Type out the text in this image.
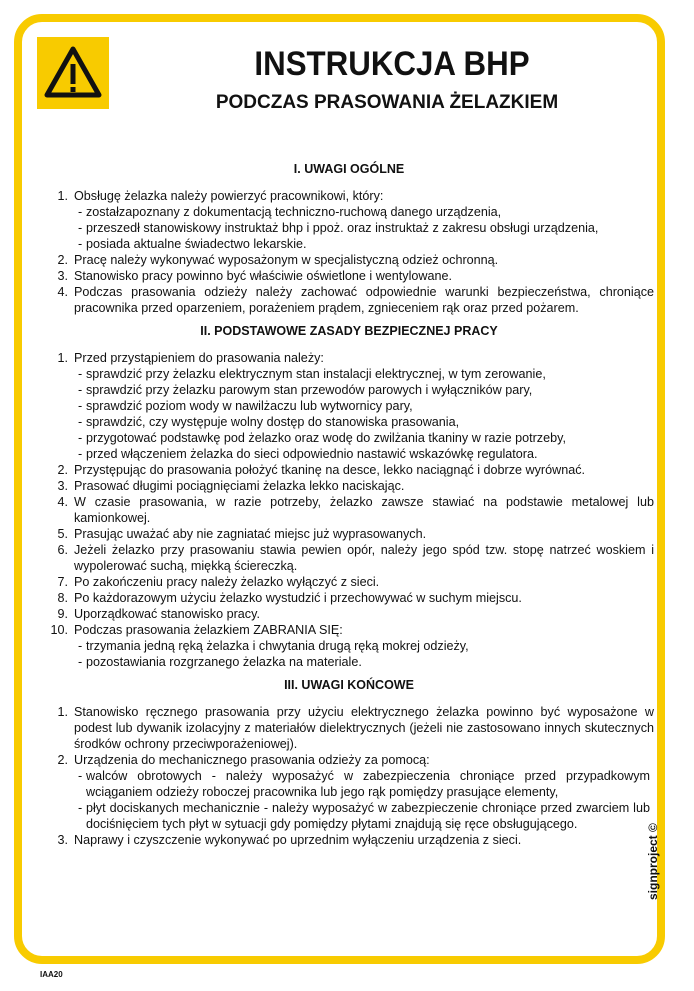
INSTRUKCJA BHP
PODCZAS PRASOWANIA ŻELAZKIEM
I. UWAGI OGÓLNE
1. Obsługę żelazka należy powierzyć pracownikowi, który:
- zostałzapoznany z dokumentacją techniczno-ruchową danego urządzenia,
- przeszedł stanowiskowy instruktaż bhp i ppoż. oraz instruktaż z zakresu obsługi urządzenia,
- posiada aktualne świadectwo lekarskie.
2. Pracę należy wykonywać wyposażonym w specjalistyczną odzież ochronną.
3. Stanowisko pracy powinno być właściwie oświetlone i wentylowane.
4. Podczas prasowania odzieży należy zachować odpowiednie warunki bezpieczeństwa, chroniące pracownika przed oparzeniem, porażeniem prądem, zgnieceniem rąk oraz przed pożarem.
II. PODSTAWOWE ZASADY BEZPIECZNEJ PRACY
1. Przed przystąpieniem do prasowania należy:
- sprawdzić przy żelazku elektrycznym stan instalacji elektrycznej, w tym zerowanie,
- sprawdzić przy żelazku parowym stan przewodów parowych i wyłączników pary,
- sprawdzić poziom wody w nawilżaczu lub wytwornicy pary,
- sprawdzić, czy występuje wolny dostęp do stanowiska prasowania,
- przygotować podstawkę pod żelazko oraz wodę do zwilżania tkaniny w razie potrzeby,
- przed włączeniem żelazka do sieci odpowiednio nastawić wskazówkę regulatora.
2. Przystępując do prasowania położyć tkaninę na desce, lekko naciągnąć i dobrze wyrównać.
3. Prasować długimi pociągnięciami żelazka lekko naciskając.
4. W czasie prasowania, w razie potrzeby, żelazko zawsze stawiać na podstawie metalowej lub kamionkowej.
5. Prasując uważać aby nie zagniatać miejsc już wyprasowanych.
6. Jeżeli żelazko przy prasowaniu stawia pewien opór, należy jego spód tzw. stopę natrzeć woskiem i wypolerować suchą, miękką ściereczką.
7. Po zakończeniu pracy należy żelazko wyłączyć z sieci.
8. Po każdorazowym użyciu żelazko wystudzić i przechowywać w suchym miejscu.
9. Uporządkować stanowisko pracy.
10. Podczas prasowania żelazkiem ZABRANIA SIĘ:
- trzymania jedną ręką żelazka i chwytania drugą ręką mokrej odzieży,
- pozostawiania rozgrzanego żelazka na materiale.
III. UWAGI KOŃCOWE
1. Stanowisko ręcznego prasowania przy użyciu elektrycznego żelazka powinno być wyposażone w podest lub dywanik izolacyjny z materiałów dielektrycznych (jeżeli nie zastosowano innych skutecznych środków ochrony przeciwporażeniowej).
2. Urządzenia do mechanicznego prasowania odzieży za pomocą:
- walców obrotowych - należy wyposażyć w zabezpieczenia chroniące przed przypadkowym wciąganiem odzieży roboczej pracownika lub jego rąk pomiędzy prasujące elementy,
- płyt dociskanych mechanicznie - należy wyposażyć w zabezpieczenie chroniące przed zwarciem lub dociśnięciem tych płyt w sytuacji gdy pomiędzy płytami znajdują się ręce obsługującego.
3. Naprawy i czyszczenie wykonywać po uprzednim wyłączeniu urządzenia z sieci.	signproject ©
IAA20
